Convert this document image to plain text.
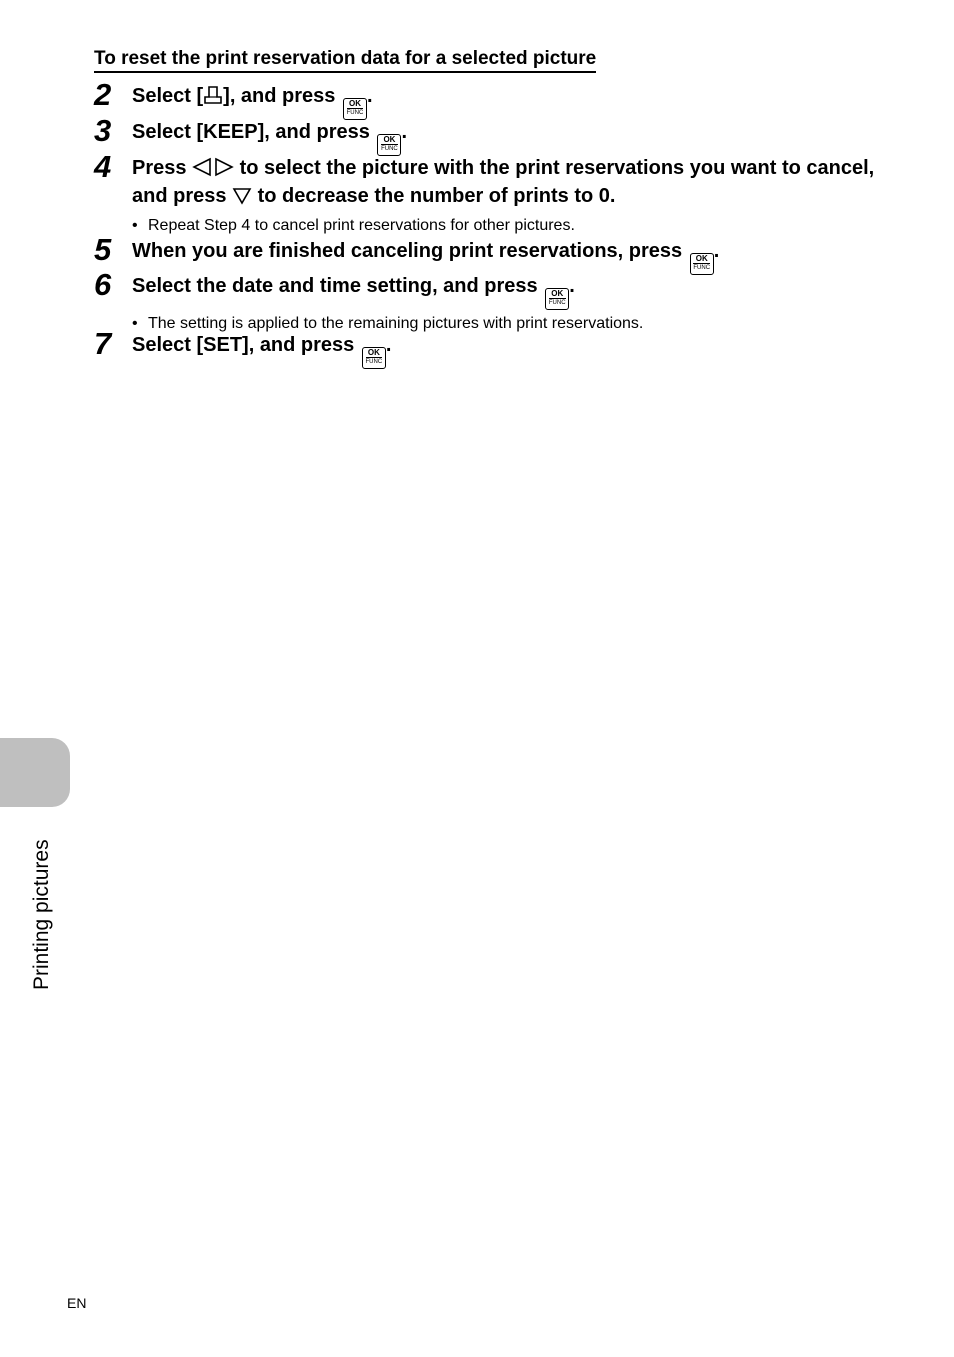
To reset the print reservation data for a selected picture
2 Select [ ], and press OK
FUNC
.
3 Select [KEEP], and press OK
FUNC
.
4 Press	to select the picture with the print reservations you want to cancel, and press to decrease the number of prints to 0.
• Repeat Step 4 to cancel print reservations for other pictures.
5 When you are finished canceling print reservations, press OK
FUNC
.
6 Select the date and time setting, and press OK
FUNC
.
• The setting is applied to the remaining pictures with print reservations.
7 Select [SET], and press OK
FUNC
.
Printing pictures
EN
